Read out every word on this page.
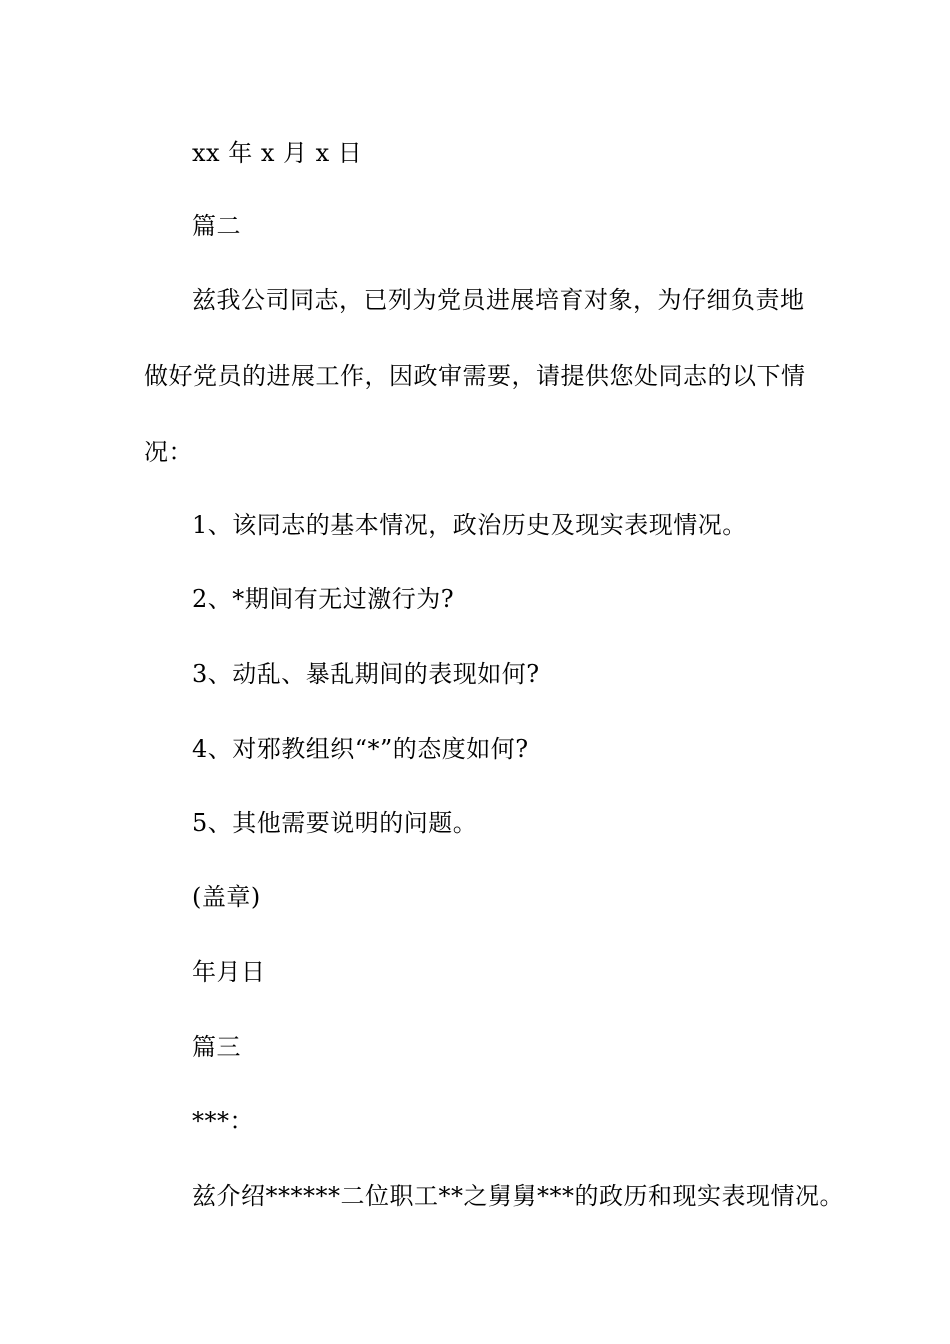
xx 年 x 月 x 日
篇二
兹我公司同志，已列为党员进展培育对象，为仔细负责地
做好党员的进展工作，因政审需要，请提供您处同志的以下情
况：
1、该同志的基本情况，政治历史及现实表现情况。
2、*期间有无过激行为?
3、动乱、暴乱期间的表现如何?
4、对邪教组织“*”的态度如何?
5、其他需要说明的问题。
(盖章)
年月日
篇三
***：
兹介绍******二位职工**之舅舅***的政历和现实表现情况。
